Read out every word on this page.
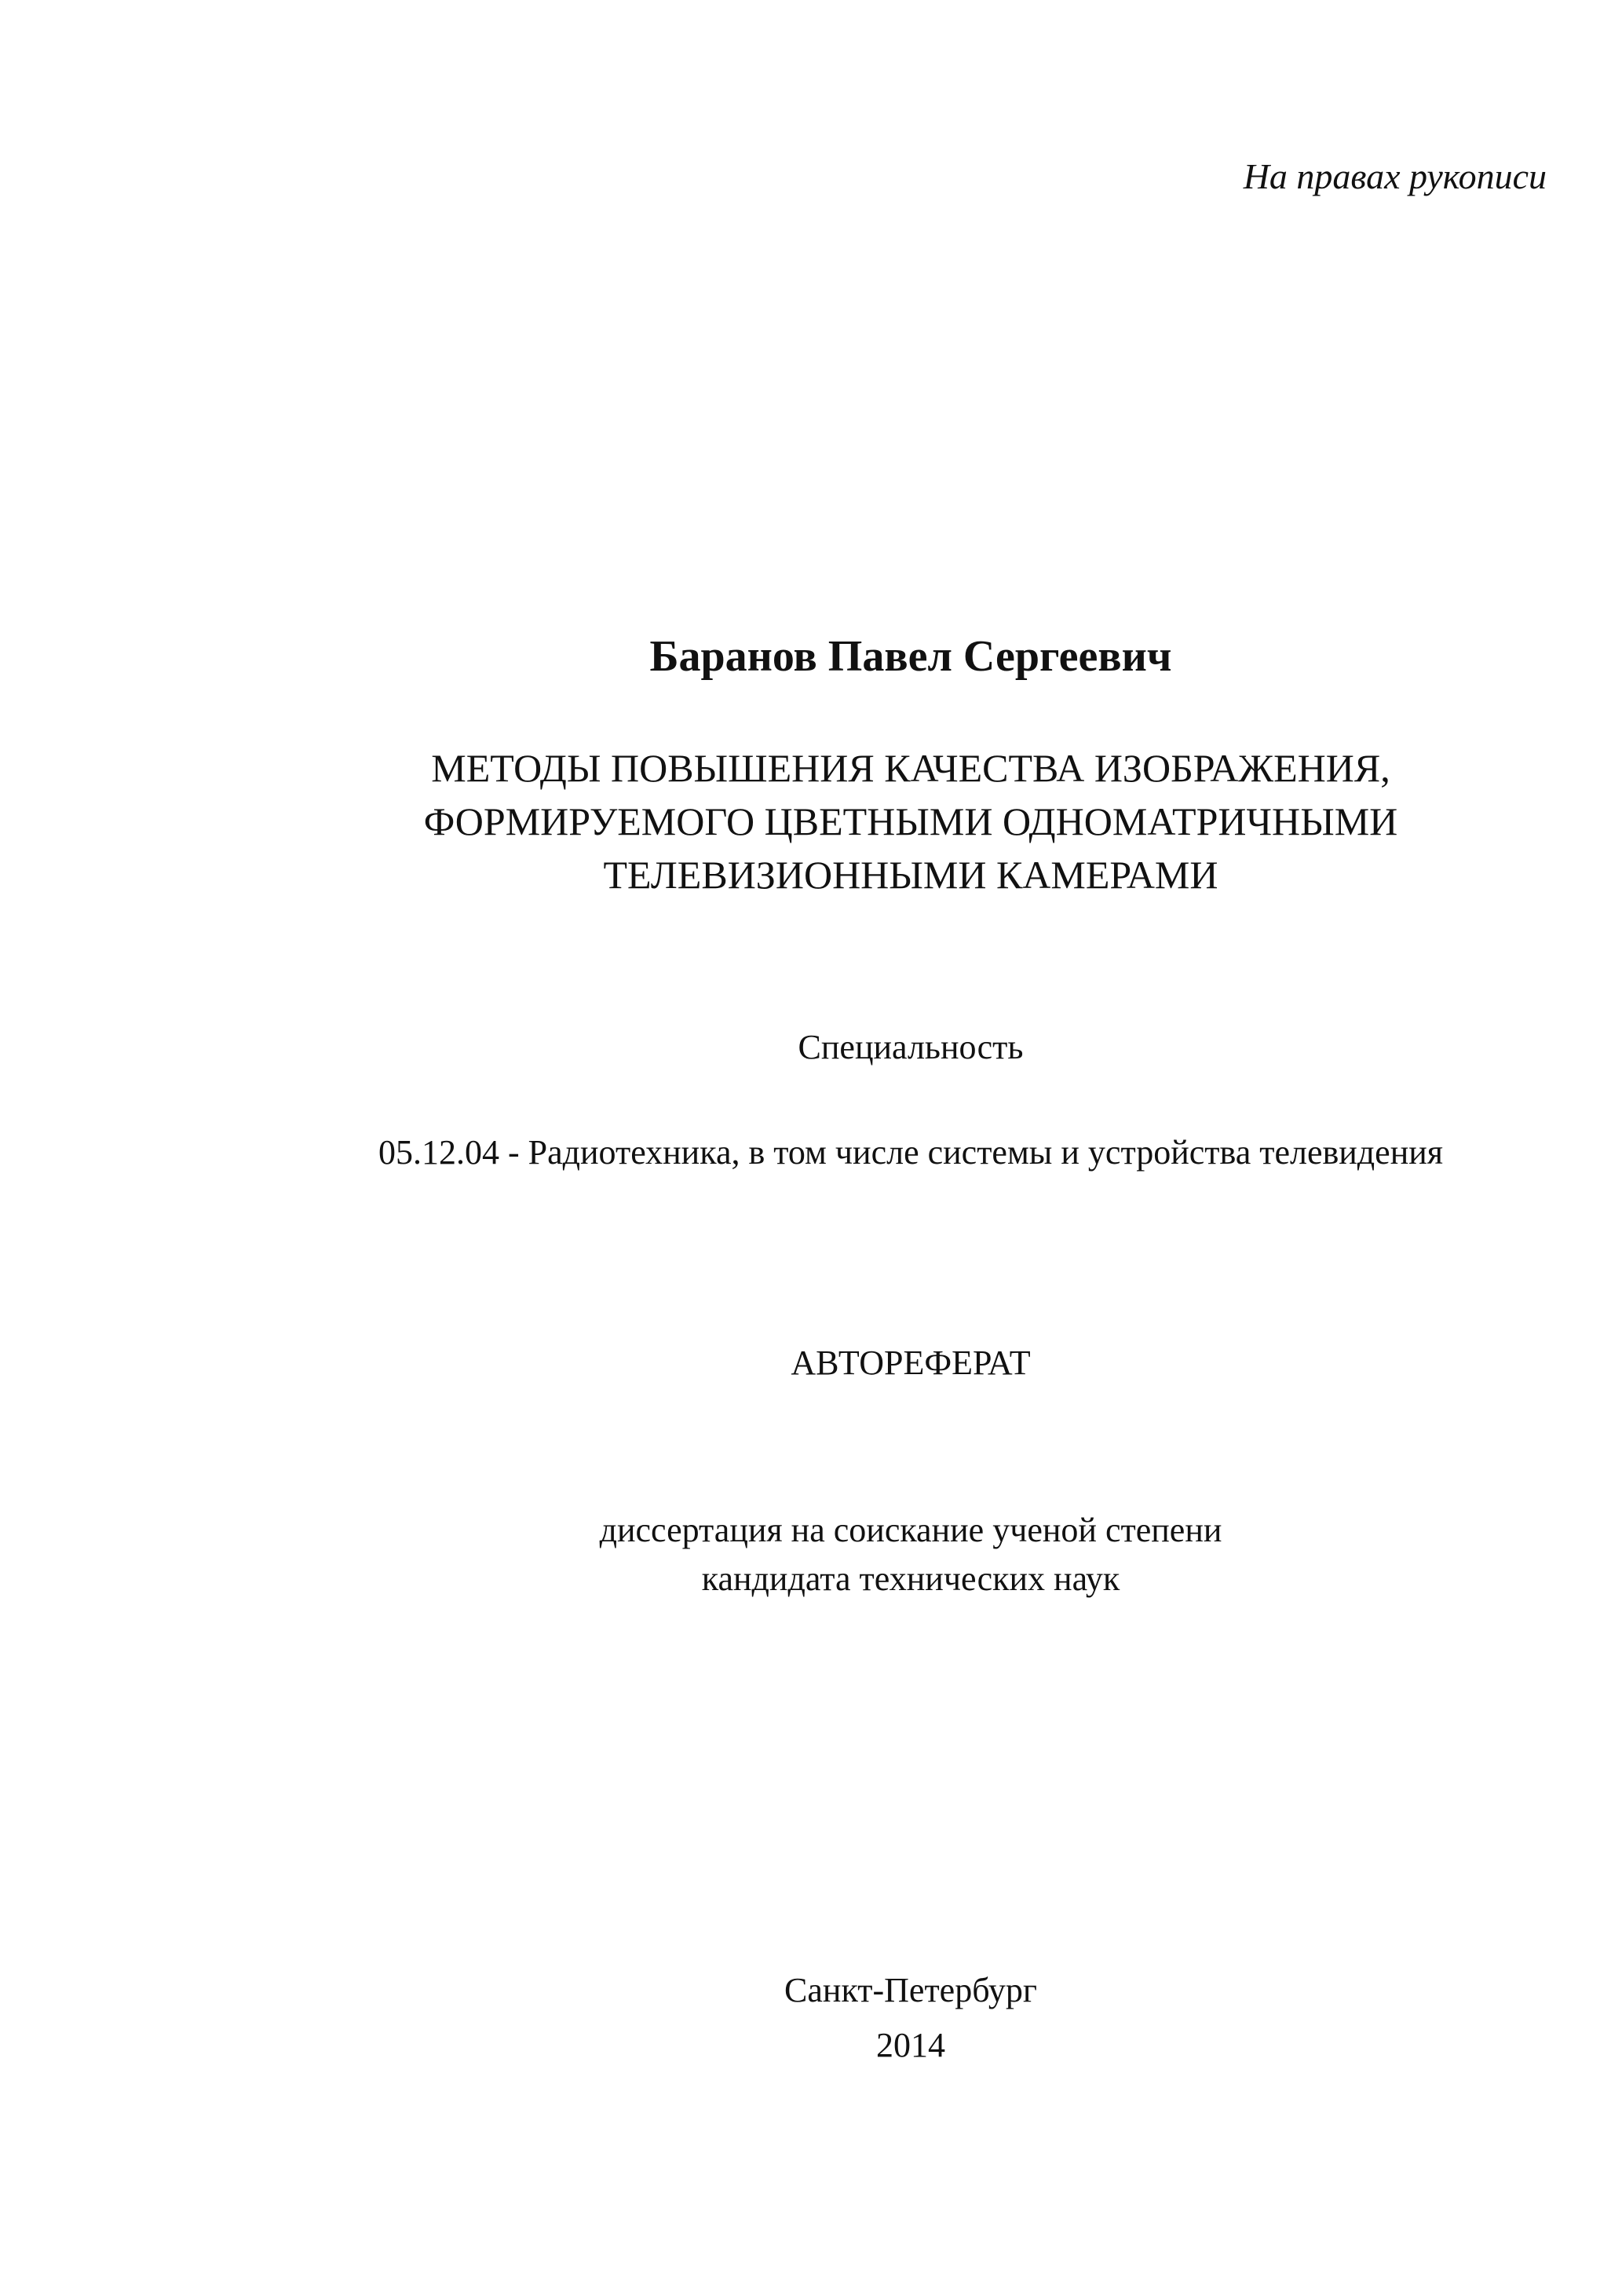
На правах рукописи
Баранов Павел Сергеевич
МЕТОДЫ ПОВЫШЕНИЯ КАЧЕСТВА ИЗОБРАЖЕНИЯ,
ФОРМИРУЕМОГО ЦВЕТНЫМИ ОДНОМАТРИЧНЫМИ
ТЕЛЕВИЗИОННЫМИ КАМЕРАМИ
Специальность
05.12.04 - Радиотехника, в том числе системы и устройства телевидения
АВТОРЕФЕРАТ
диссертация на соискание ученой степени
кандидата технических наук
Санкт-Петербург
2014
